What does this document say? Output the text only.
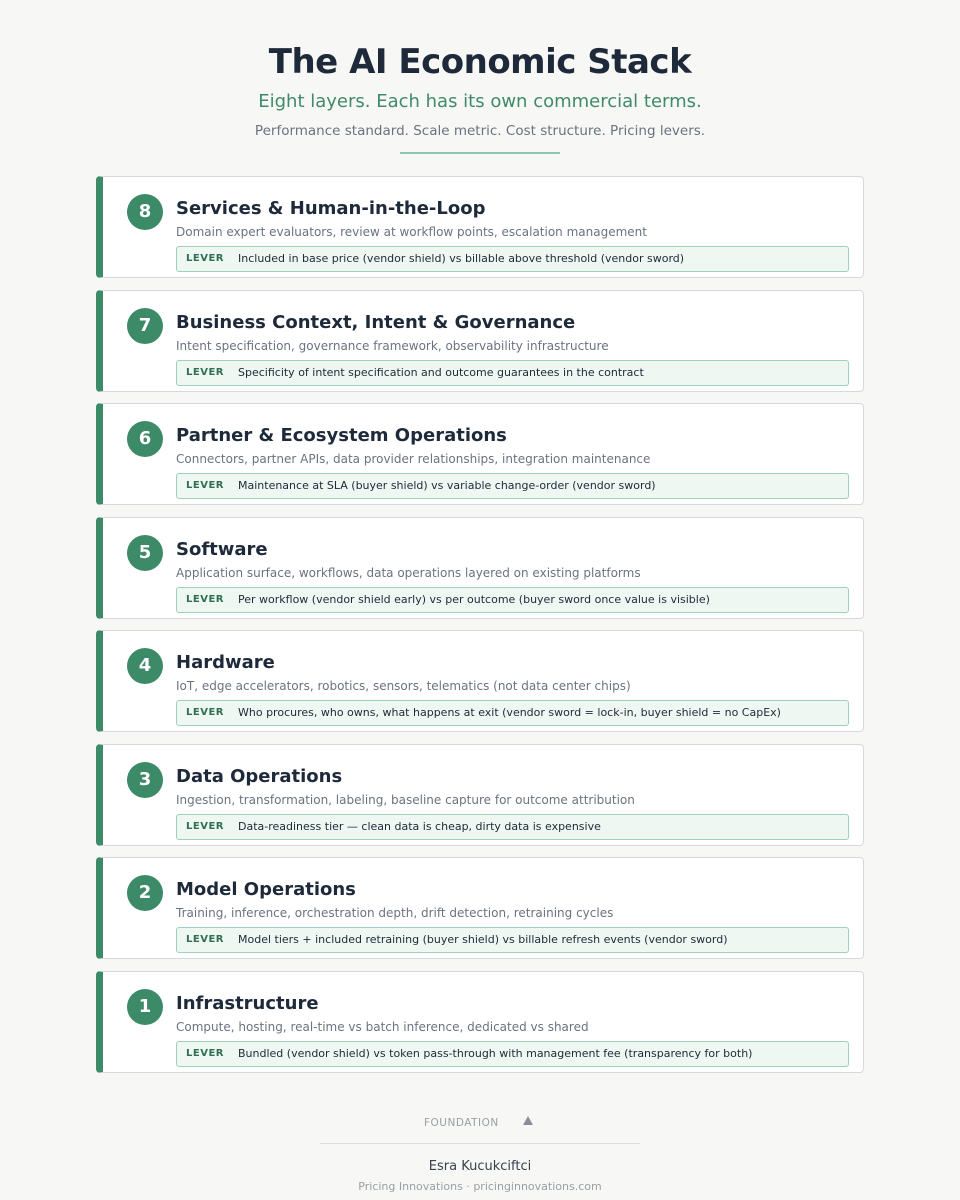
The AI Economic Stack
Eight layers. Each has its own commercial terms.
Performance standard. Scale metric. Cost structure. Pricing levers.
8	Services & Human-in-the-Loop
Domain expert evaluators, review at workflow points, escalation management
LEVER Included in base price (vendor shield) vs billable above threshold (vendor sword)
7	Business Context, Intent & Governance
Intent specification, governance framework, observability infrastructure
LEVER Specificity of intent specification and outcome guarantees in the contract
6	Partner & Ecosystem Operations
Connectors, partner APIs, data provider relationships, integration maintenance
LEVER Maintenance at SLA (buyer shield) vs variable change-order (vendor sword)
5	Software
Application surface, workflows, data operations layered on existing platforms
LEVER Per workflow (vendor shield early) vs per outcome (buyer sword once value is visible)
4	Hardware
IoT, edge accelerators, robotics, sensors, telematics (not data center chips)
LEVER Who procures, who owns, what happens at exit (vendor sword = lock-in, buyer shield = no CapEx)
3	Data Operations
Ingestion, transformation, labeling, baseline capture for outcome attribution
LEVER Data-readiness tier — clean data is cheap, dirty data is expensive
2	Model Operations
Training, inference, orchestration depth, drift detection, retraining cycles
LEVER Model tiers + included retraining (buyer shield) vs billable refresh events (vendor sword)
1	Infrastructure
Compute, hosting, real-time vs batch inference, dedicated vs shared
LEVER Bundled (vendor shield) vs token pass-through with management fee (transparency for both)
FOUNDATION
Esra Kucukciftci
Pricing Innovations · pricinginnovations.com
